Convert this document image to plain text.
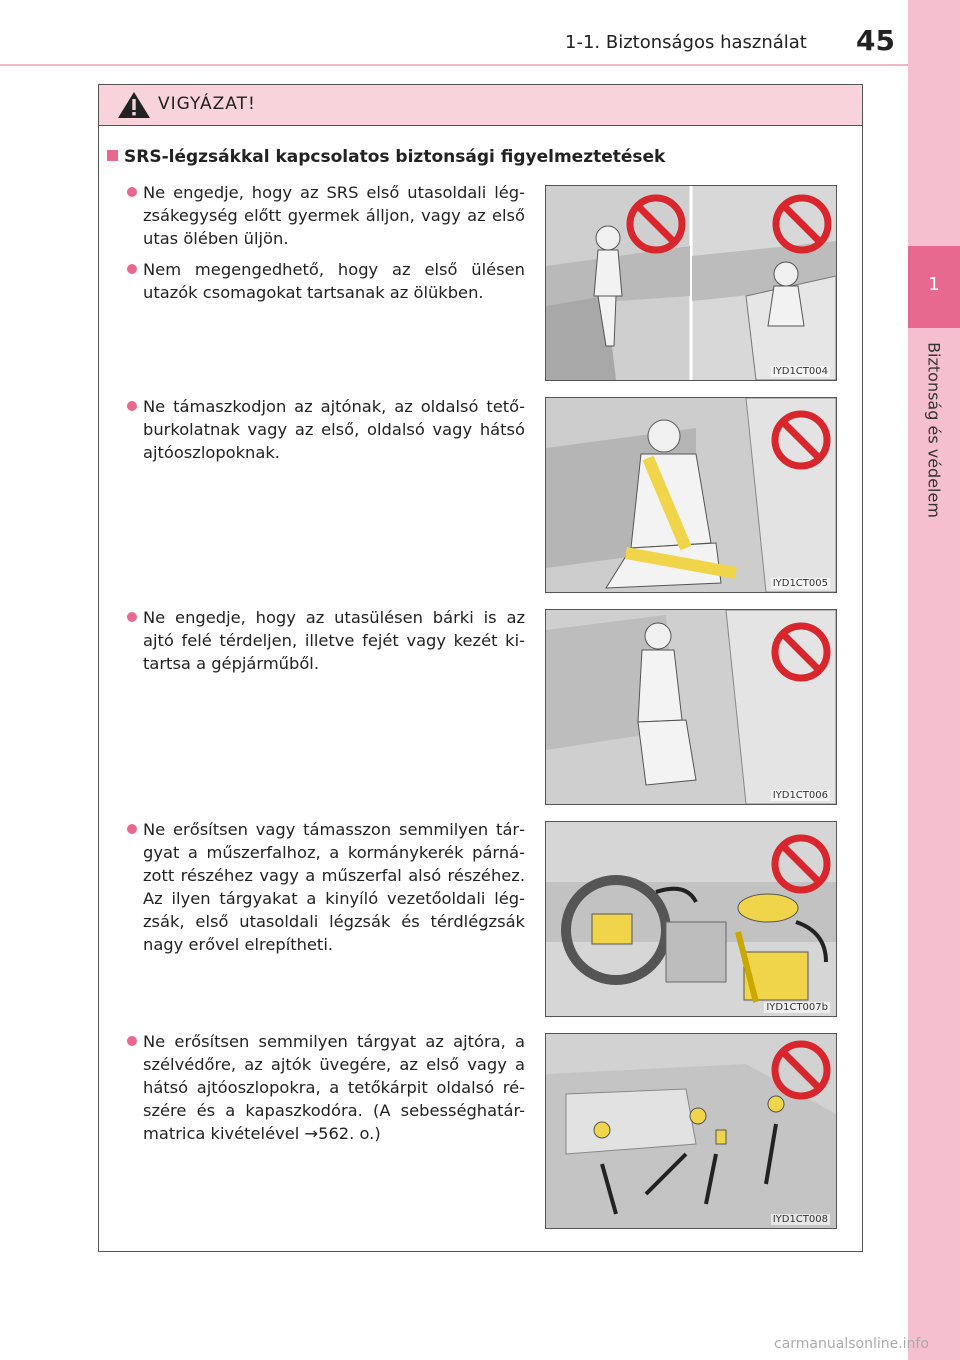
1-1. Biztonságos használat 45
1
Biztonság és védelem
VIGYÁZAT!
SRS-légzsákkal kapcsolatos biztonsági figyelmeztetések
Ne engedje, hogy az SRS első utasoldali légzsákegység előtt gyermek álljon, vagy az első utas ölében üljön.
Nem megengedhető, hogy az első ülésen utazók csomagokat tartsanak az ölükben.
Ne támaszkodjon az ajtónak, az oldalsó tetőburkolatnak vagy az első, oldalsó vagy hátsó ajtóoszlopoknak.
Ne engedje, hogy az utasülésen bárki is az ajtó felé térdeljen, illetve fejét vagy kezét kitartsa a gépjárműből.
Ne erősítsen vagy támasszon semmilyen tárgyat a műszerfalhoz, a kormánykerék párnázott részéhez vagy a műszerfal alsó részéhez. Az ilyen tárgyakat a kinyíló vezetőoldali légzsák, első utasoldali légzsák és térdlégzsák nagy erővel elrepítheti.
Ne erősítsen semmilyen tárgyat az ajtóra, a szélvédőre, az ajtók üvegére, az első vagy a hátsó ajtóoszlopokra, a tetőkárpit oldalsó részére és a kapaszkodóra. (A sebességhatár-matrica kivételével →562. o.)
IYD1CT004
IYD1CT005
IYD1CT006
IYD1CT007b
IYD1CT008
carmanualsonline.info
